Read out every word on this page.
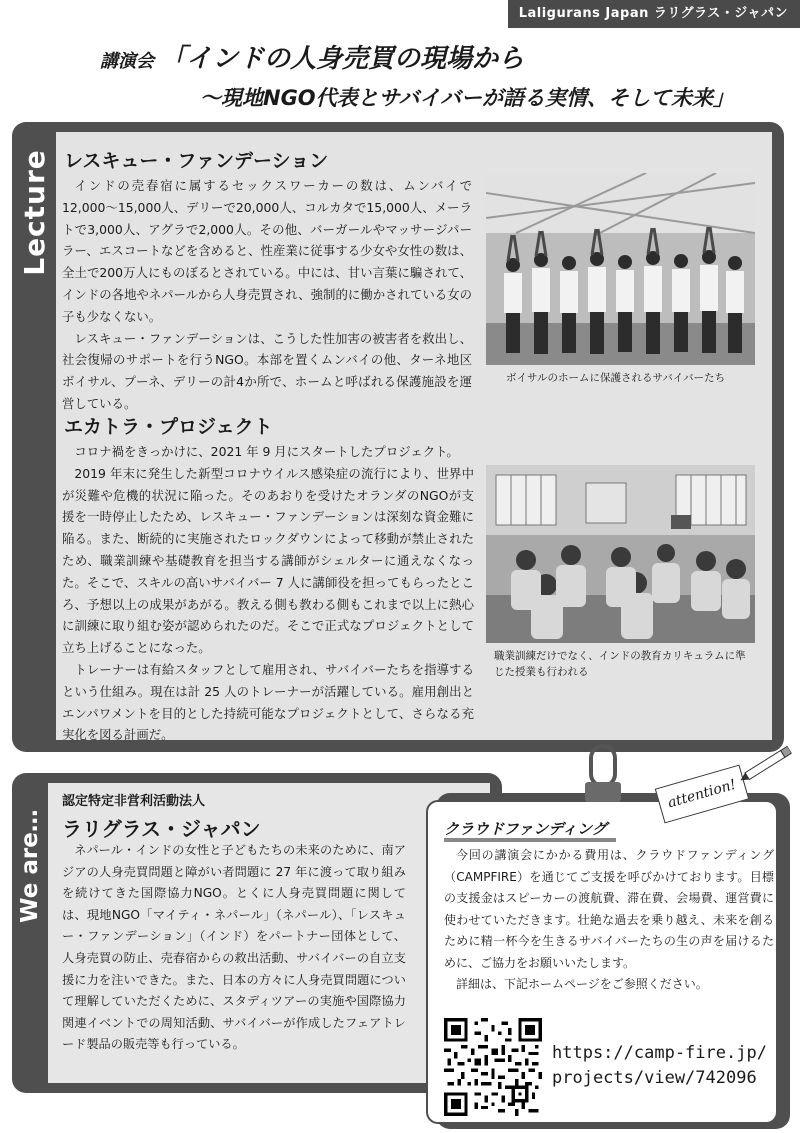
Laligurans Japan ラリグラス・ジャパン
講演会 「インドの人身売買の現場から
〜現地NGO代表とサバイバーが語る実情、そして未来」
Lecture レスキュー・ファンデーション

インドの売春宿に属するセックスワーカーの数は、ムンバイで12,000〜15,000人、デリーで20,000人、コルカタで15,000人、メーラトで3,000人、アグラで2,000人。その他、バーガールやマッサージパーラー、エスコートなどを含めると、性産業に従事する少女や女性の数は、全土で200万人にものぼるとされている。中には、甘い言葉に騙されて、インドの各地やネパールから人身売買され、強制的に働かされている女の子も少なくない。

レスキュー・ファンデーションは、こうした性加害の被害者を救出し、社会復帰のサポートを行うNGO。本部を置くムンバイの他、ターネ地区ボイサル、プーネ、デリーの計4か所で、ホームと呼ばれる保護施設を運営している。

ボイサルのホームに保護されるサバイバーたち
エカトラ・プロジェクト

コロナ禍をきっかけに、2021 年 9 月にスタートしたプロジェクト。

2019 年末に発生した新型コロナウイルス感染症の流行により、世界中が災難や危機的状況に陥った。そのあおりを受けたオランダのNGOが支援を一時停止したため、レスキュー・ファンデーションは深刻な資金難に陥る。また、断続的に実施されたロックダウンによって移動が禁止されたため、職業訓練や基礎教育を担当する講師がシェルターに通えなくなった。そこで、スキルの高いサバイバー 7 人に講師役を担ってもらったところ、予想以上の成果があがる。教える側も教わる側もこれまで以上に熱心に訓練に取り組む姿が認められたのだ。そこで正式なプロジェクトとして立ち上げることになった。

トレーナーは有給スタッフとして雇用され、サバイバーたちを指導するという仕組み。現在は計 25 人のトレーナーが活躍している。雇用創出とエンパワメントを目的とした持続可能なプロジェクトとして、さらなる充実化を図る計画だ。

職業訓練だけでなく、インドの教育カリキュラムに準じた授業も行われる
We are…
認定特定非営利活動法人
ラリグラス・ジャパン

ネパール・インドの女性と子どもたちの未来のために、南アジアの人身売買問題と障がい者問題に 27 年に渡って取り組みを続けてきた国際協力NGO。とくに人身売買問題に関しては、現地NGO「マイティ・ネパール」（ネパール）、「レスキュー・ファンデーション」（インド）をパートナー団体として、人身売買の防止、売春宿からの救出活動、サバイバーの自立支援に力を注いできた。また、日本の方々に人身売買問題について理解していただくために、スタディツアーの実施や国際協力関連イベントでの周知活動、サバイバーが作成したフェアトレード製品の販売等も行っている。

attention!
クラウドファンディング

今回の講演会にかかる費用は、クラウドファンディング（CAMPFIRE）を通じてご支援を呼びかけております。目標の支援金はスピーカーの渡航費、滞在費、会場費、運営費に使わせていただきます。壮絶な過去を乗り越え、未来を創るために精一杯今を生きるサバイバーたちの生の声を届けるために、ご協力をお願いいたします。

詳細は、下記ホームページをご参照ください。

https://camp-fire.jp/
projects/view/742096
